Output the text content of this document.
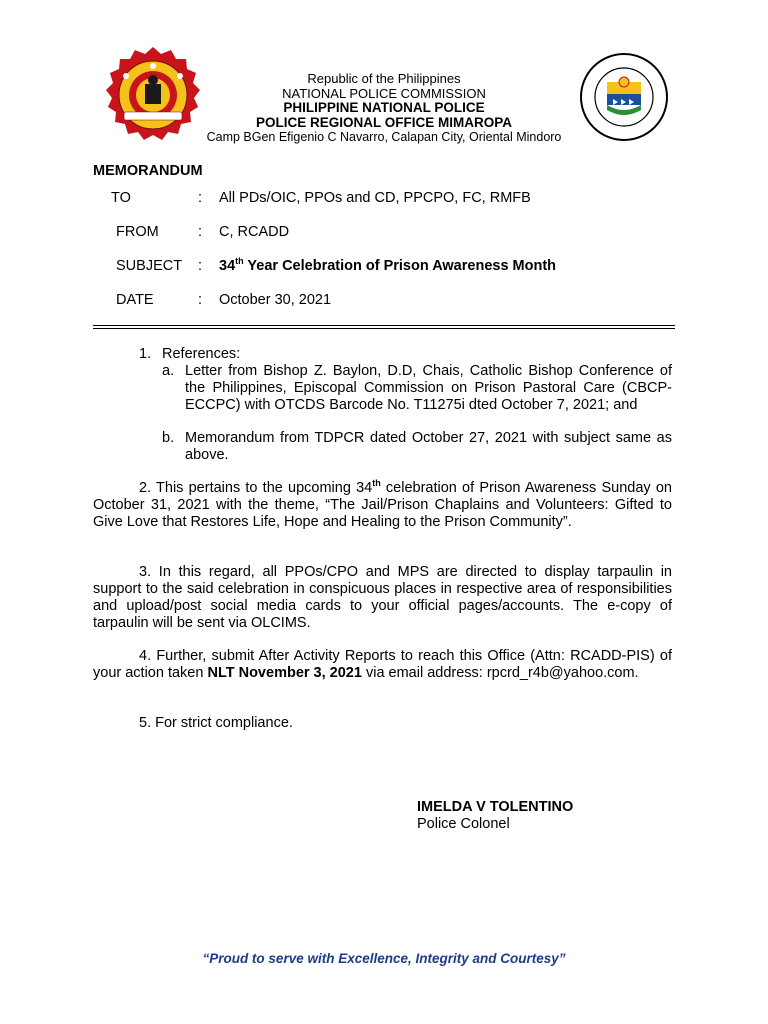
Republic of the Philippines
NATIONAL POLICE COMMISSION
PHILIPPINE NATIONAL POLICE
POLICE REGIONAL OFFICE MIMAROPA
Camp BGen Efigenio C Navarro, Calapan City, Oriental Mindoro
MEMORANDUM
TO	: All PDs/OIC, PPOs and CD, PPCPO, FC, RMFB
FROM	: C, RCADD
SUBJECT : 34th Year Celebration of Prison Awareness Month
DATE	: October 30, 2021
1. References:
a. Letter from Bishop Z. Baylon, D.D, Chais, Catholic Bishop Conference of the Philippines, Episcopal Commission on Prison Pastoral Care (CBCP-ECCPC) with OTCDS Barcode No. T11275i dted October 7, 2021; and
b. Memorandum from TDPCR dated October 27, 2021 with subject same as above.
2. This pertains to the upcoming 34th celebration of Prison Awareness Sunday on October 31, 2021 with the theme, “The Jail/Prison Chaplains and Volunteers: Gifted to Give Love that Restores Life, Hope and Healing to the Prison Community”.
3. In this regard, all PPOs/CPO and MPS are directed to display tarpaulin in support to the said celebration in conspicuous places in respective area of responsibilities and upload/post social media cards to your official pages/accounts. The e-copy of tarpaulin will be sent via OLCIMS.
4. Further, submit After Activity Reports to reach this Office (Attn: RCADD-PIS) of your action taken NLT November 3, 2021 via email address: rpcrd_r4b@yahoo.com.
5. For strict compliance.
IMELDA V TOLENTINO
Police Colonel
“Proud to serve with Excellence, Integrity and Courtesy”
